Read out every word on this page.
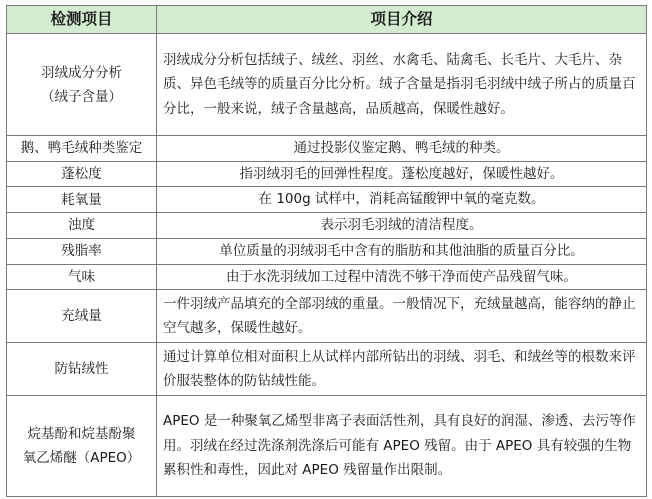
检测项目	项目介绍
羽绒成分分析
（绒子含量）	羽绒成分分析包括绒子、绒丝、羽丝、水禽毛、陆禽毛、长毛片、大毛片、杂质、异色毛绒等的质量百分比分析。绒子含量是指羽毛羽绒中绒子所占的质量百分比，一般来说，绒子含量越高，品质越高，保暖性越好。
鹅、鸭毛绒种类鉴定	通过投影仪鉴定鹅、鸭毛绒的种类。
蓬松度	指羽绒羽毛的回弹性程度。蓬松度越好，保暖性越好。
耗氧量	在 100g 试样中，消耗高锰酸钾中氧的毫克数。
浊度	表示羽毛羽绒的清洁程度。
残脂率	单位质量的羽绒羽毛中含有的脂肪和其他油脂的质量百分比。
气味	由于水洗羽绒加工过程中清洗不够干净而使产品残留气味。
充绒量	一件羽绒产品填充的全部羽绒的重量。一般情况下，充绒量越高，能容纳的静止空气越多，保暖性越好。
防钻绒性	通过计算单位相对面积上从试样内部所钻出的羽绒、羽毛、和绒丝等的根数来评价服装整体的防钻绒性能。
烷基酚和烷基酚聚
氧乙烯醚（APEO）	APEO 是一种聚氧乙烯型非离子表面活性剂，具有良好的润湿、渗透、去污等作用。羽绒在经过洗涤剂洗涤后可能有 APEO 残留。由于 APEO 具有较强的生物累积性和毒性，因此对 APEO 残留量作出限制。
